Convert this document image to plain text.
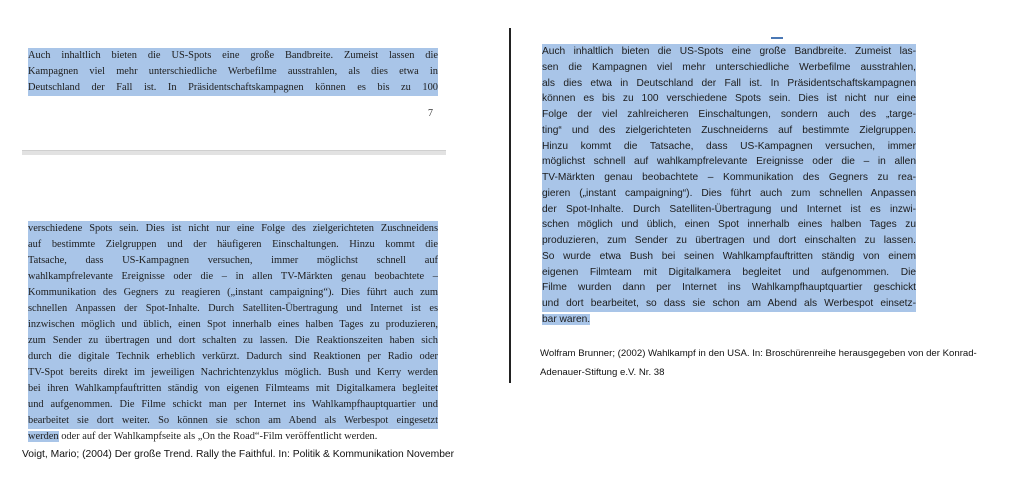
Auch inhaltlich bieten die US-Spots eine große Bandbreite. Zumeist lassen die
Kampagnen viel mehr unterschiedliche Werbefilme ausstrahlen, als dies etwa in
Deutschland der Fall ist. In Präsidentschaftskampagnen können es bis zu 100
7
verschiedene Spots sein. Dies ist nicht nur eine Folge des zielgerichteten Zuschneidens
auf bestimmte Zielgruppen und der häufigeren Einschaltungen. Hinzu kommt die
Tatsache, dass US-Kampagnen versuchen, immer möglichst schnell auf
wahlkampfrelevante Ereignisse oder die – in allen TV-Märkten genau beobachtete –
Kommunikation des Gegners zu reagieren („instant campaigning“). Dies führt auch zum
schnellen Anpassen der Spot-Inhalte. Durch Satelliten-Übertragung und Internet ist es
inzwischen möglich und üblich, einen Spot innerhalb eines halben Tages zu produzieren,
zum Sender zu übertragen und dort schalten zu lassen. Die Reaktionszeiten haben sich
durch die digitale Technik erheblich verkürzt. Dadurch sind Reaktionen per Radio oder
TV-Spot bereits direkt im jeweiligen Nachrichtenzyklus möglich. Bush und Kerry werden
bei ihren Wahlkampfauftritten ständig von eigenen Filmteams mit Digitalkamera begleitet
und aufgenommen. Die Filme schickt man per Internet ins Wahlkampfhauptquartier und
bearbeitet sie dort weiter. So können sie schon am Abend als Werbespot eingesetzt
werden oder auf der Wahlkampfseite als „On the Road“-Film veröffentlicht werden.
Voigt, Mario; (2004) Der große Trend. Rally the Faithful. In: Politik & Kommunikation November
Auch inhaltlich bieten die US-Spots eine große Bandbreite. Zumeist las-
sen die Kampagnen viel mehr unterschiedliche Werbefilme ausstrahlen,
als dies etwa in Deutschland der Fall ist. In Präsidentschaftskampagnen
können es bis zu 100 verschiedene Spots sein. Dies ist nicht nur eine
Folge der viel zahlreicheren Einschaltungen, sondern auch des „targe-
ting“ und des zielgerichteten Zuschneiderns auf bestimmte Zielgruppen.
Hinzu kommt die Tatsache, dass US-Kampagnen versuchen, immer
möglichst schnell auf wahlkampfrelevante Ereignisse oder die – in allen
TV-Märkten genau beobachtete – Kommunikation des Gegners zu rea-
gieren („instant campaigning“). Dies führt auch zum schnellen Anpassen
der Spot-Inhalte. Durch Satelliten-Übertragung und Internet ist es inzwi-
schen möglich und üblich, einen Spot innerhalb eines halben Tages zu
produzieren, zum Sender zu übertragen und dort einschalten zu lassen.
So wurde etwa Bush bei seinen Wahlkampfauftritten ständig von einem
eigenen Filmteam mit Digitalkamera begleitet und aufgenommen. Die
Filme wurden dann per Internet ins Wahlkampfhauptquartier geschickt
und dort bearbeitet, so dass sie schon am Abend als Werbespot einsetz-
bar waren.
Wolfram Brunner; (2002) Wahlkampf in den USA. In: Broschürenreihe herausgegeben von der Konrad-
Adenauer-Stiftung e.V. Nr. 38
